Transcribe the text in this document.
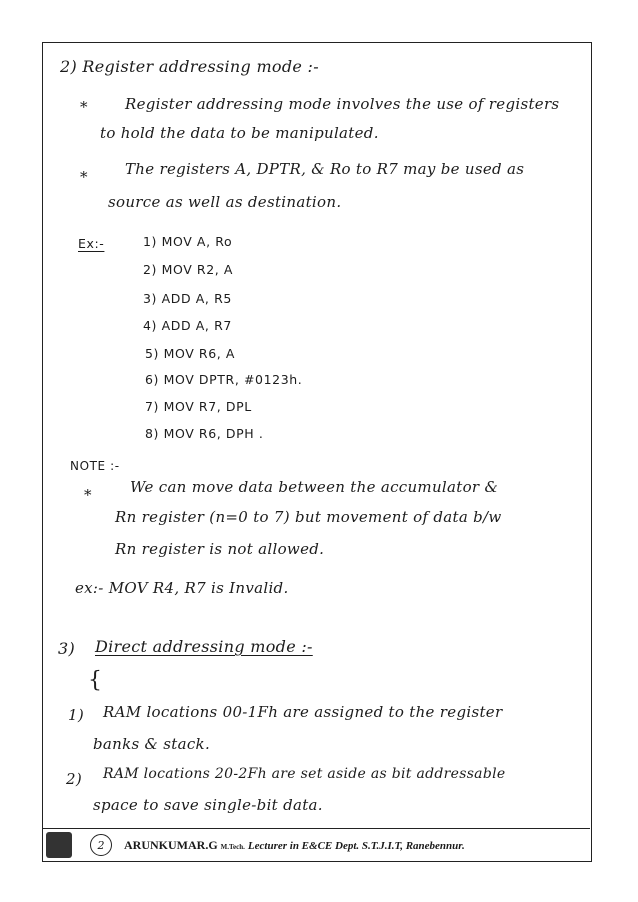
2) Register addressing mode :-
* Register addressing mode involves the use of registers
to hold the data to be manipulated.
* The registers A, DPTR, & Ro to R7 may be used as
source as well as destination.
Ex:-	1) MOV A, Ro
2) MOV R2, A
3) ADD A, R5
4) ADD A, R7
5) MOV R6, A
6) MOV DPTR, #0123h.
7) MOV R7, DPL
8) MOV R6, DPH .
NOTE :-
*	We can move data between the accumulator &
Rn register (n=0 to 7) but movement of data b/w
Rn register is not allowed.
ex:- MOV R4, R7 is Invalid.
3) Direct addressing mode :-
{
1) RAM locations 00-1Fh are assigned to the register
banks & stack.
2) RAM locations 20-2Fh are set aside as bit addressable
space to save single-bit data.
2	ARUNKUMAR.G M.Tech. Lecturer in E&CE Dept. S.T.J.I.T, Ranebennur.
